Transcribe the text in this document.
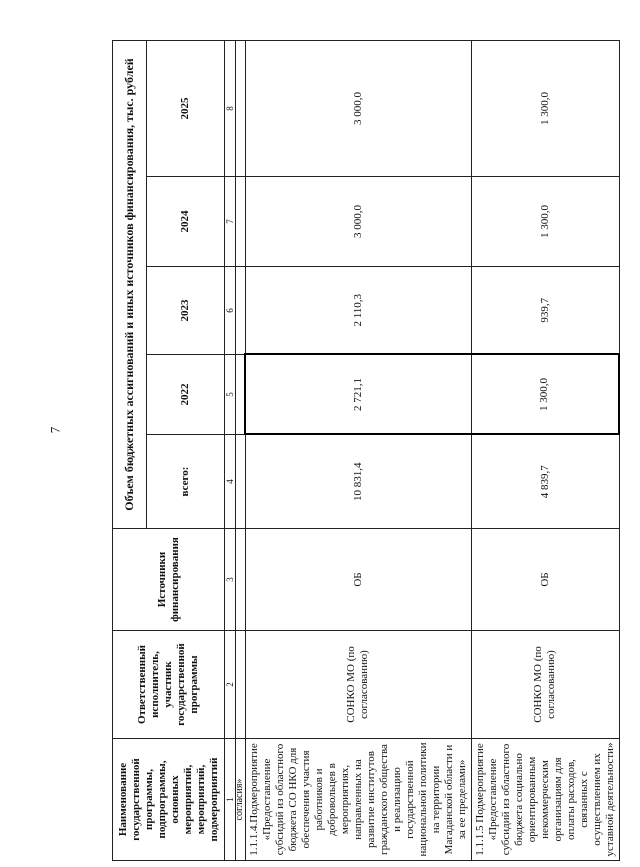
7
Наименование государственной программы, подпрограммы, основных мероприятий, мероприятий, подмероприятий	Ответственный исполнитель, участник государственной программы	Источники финансирования	Объем бюджетных ассигнований и иных источников финансирования, тыс. рублей				
			всего:	2022	2023	2024	2025
1	2	3	4	5	6	7	8
согласия»							
1.1.1.4.Подмероприятие «Предоставление субсидий из областного бюджета СО НКО для обеспечения участия работников и добровольцев в мероприятиях, направленных на развитие институтов гражданского общества и реализацию государственной национальной политики на территории Магаданской области и за ее пределами»	СОНКО МО (по согласованию)	ОБ	10 831,4	2 721,1	2 110,3	3 000,0	3 000,0
1.1.1.5 Подмероприятие «Предоставление субсидий из областного бюджета социально ориентированным некоммерческим организациям для оплаты расходов, связанных с осуществлением их уставной деятельности»	СОНКО МО (по согласованию)	ОБ	4 839,7	1 300,0	939,7	1 300,0	1 300,0
